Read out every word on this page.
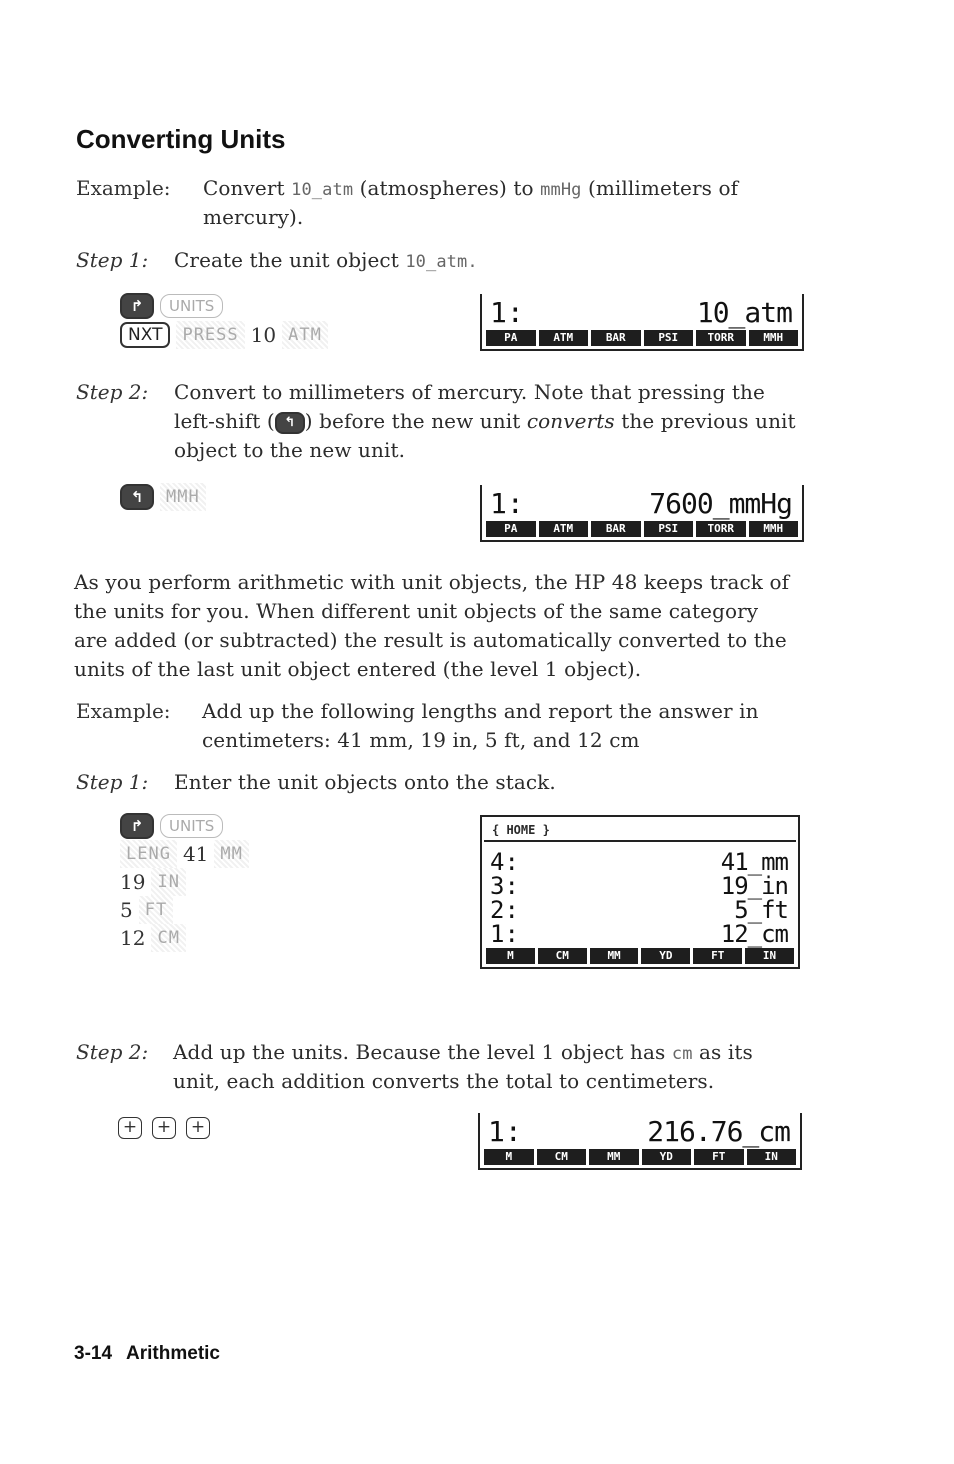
Converting Units
Example: Convert 10_atm (atmospheres) to mmHg (millimeters of
mercury).
Step 1: Create the unit object 10_atm.
↱	UNITS
NXT	PRESS 10 ATM
1:	10_atm
PA	ATM	BAR	PSI	TORR	MMH
Step 2: Convert to millimeters of mercury. Note that pressing the
left-shift ( ↰ ) before the new unit converts the previous unit
object to the new unit.
↰	MMH	1:	7600_mmHg
PA	ATM	BAR	PSI	TORR	MMH
As you perform arithmetic with unit objects, the HP 48 keeps track of
the units for you. When different unit objects of the same category
are added (or subtracted) the result is automatically converted to the
units of the last unit object entered (the level 1 object).
Example: Add up the following lengths and report the answer in
centimeters: 41 mm, 19 in, 5 ft, and 12 cm
Step 1: Enter the unit objects onto the stack.
↱	UNITS
LENG 41 MM
19 IN
5 FT
12 CM
{ HOME }
4:	41_mm
3:	19_in
2:	5_ft
1:	12_cm
M	CM	MM	YD	FT	IN
Step 2: Add up the units. Because the level 1 object has cm as its
unit, each addition converts the total to centimeters.
+ + +	1:	216.76_cm
M	CM	MM	YD	FT	IN
3-14 Arithmetic
